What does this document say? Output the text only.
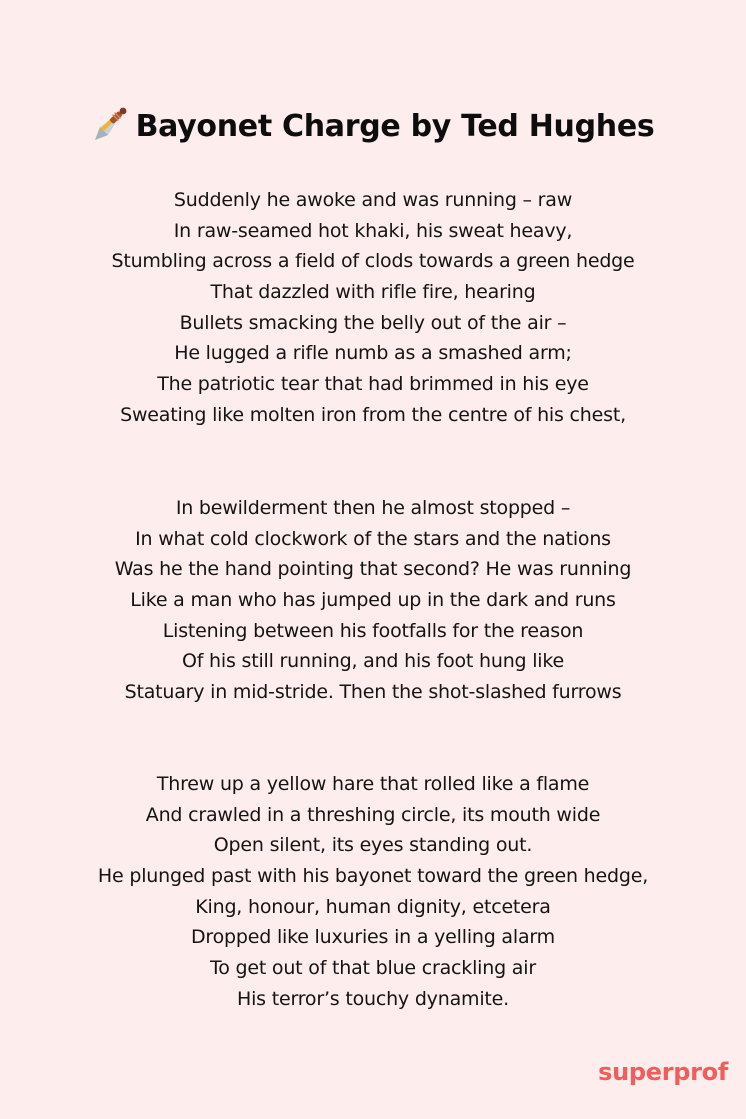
Bayonet Charge by Ted Hughes
Suddenly he awoke and was running – raw
In raw-seamed hot khaki, his sweat heavy,
Stumbling across a field of clods towards a green hedge
That dazzled with rifle fire, hearing
Bullets smacking the belly out of the air –
He lugged a rifle numb as a smashed arm;
The patriotic tear that had brimmed in his eye
Sweating like molten iron from the centre of his chest,
In bewilderment then he almost stopped –
In what cold clockwork of the stars and the nations
Was he the hand pointing that second? He was running
Like a man who has jumped up in the dark and runs
Listening between his footfalls for the reason
Of his still running, and his foot hung like
Statuary in mid-stride. Then the shot-slashed furrows
Threw up a yellow hare that rolled like a flame
And crawled in a threshing circle, its mouth wide
Open silent, its eyes standing out.
He plunged past with his bayonet toward the green hedge,
King, honour, human dignity, etcetera
Dropped like luxuries in a yelling alarm
To get out of that blue crackling air
His terror’s touchy dynamite.
superprof
